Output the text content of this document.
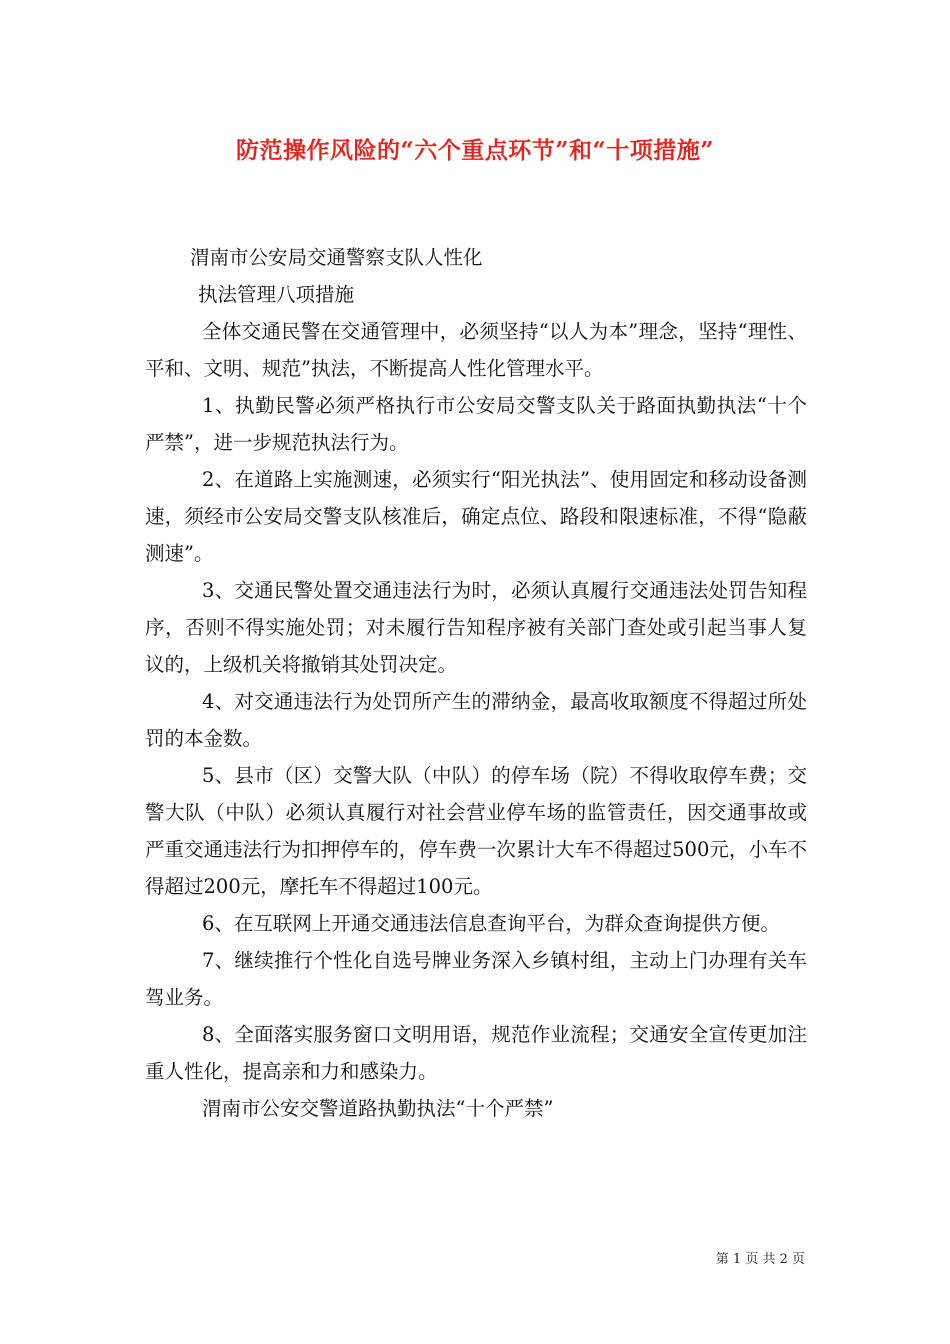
防范操作风险的“六个重点环节”和“十项措施”

渭南市公安局交通警察支队人性化

执法管理八项措施

全体交通民警在交通管理中，必须坚持“以人为本”理念，坚持“理性、平和、文明、规范”执法，不断提高人性化管理水平。

1、执勤民警必须严格执行市公安局交警支队关于路面执勤执法“十个严禁”，进一步规范执法行为。

2、在道路上实施测速，必须实行“阳光执法”、使用固定和移动设备测速，须经市公安局交警支队核准后，确定点位、路段和限速标准，不得“隐蔽测速”。

3、交通民警处置交通违法行为时，必须认真履行交通违法处罚告知程序，否则不得实施处罚；对未履行告知程序被有关部门查处或引起当事人复议的，上级机关将撤销其处罚决定。

4、对交通违法行为处罚所产生的滞纳金，最高收取额度不得超过所处罚的本金数。

5、县市（区）交警大队（中队）的停车场（院）不得收取停车费；交警大队（中队）必须认真履行对社会营业停车场的监管责任，因交通事故或严重交通违法行为扣押停车的，停车费一次累计大车不得超过500元，小车不得超过200元，摩托车不得超过100元。

6、在互联网上开通交通违法信息查询平台，为群众查询提供方便。

7、继续推行个性化自选号牌业务深入乡镇村组，主动上门办理有关车驾业务。

8、全面落实服务窗口文明用语，规范作业流程；交通安全宣传更加注重人性化，提高亲和力和感染力。

渭南市公安交警道路执勤执法“十个严禁”

第 1 页 共 2 页
